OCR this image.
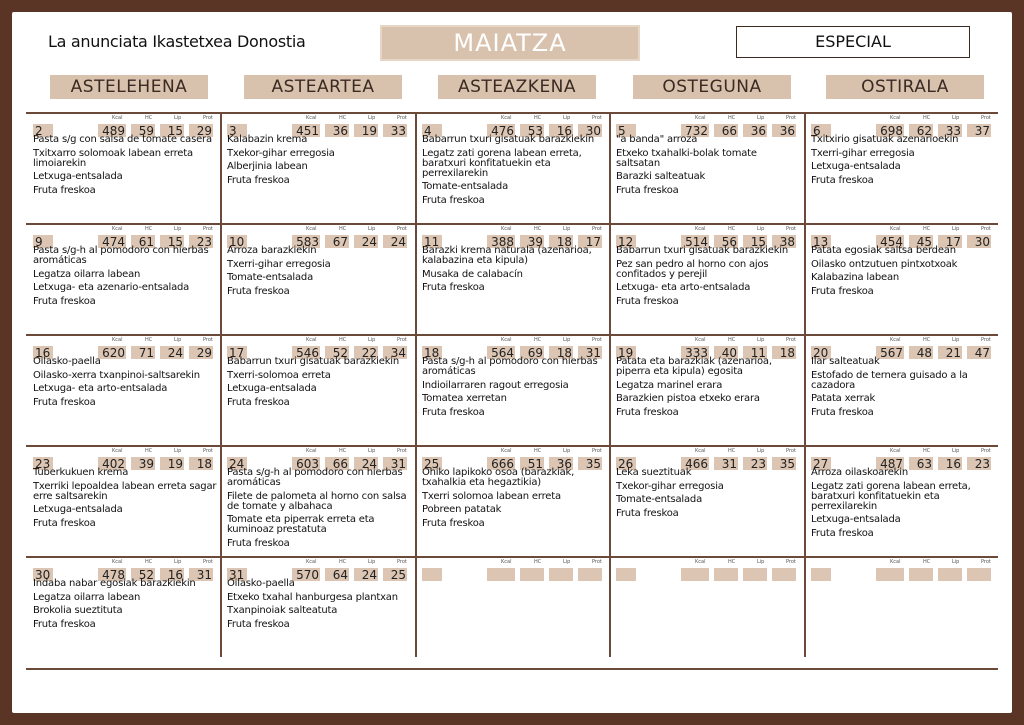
La anunciata Ikastetxea Donostia	MAIATZA	ESPECIAL
ASTELEHENA	ASTEARTEA	ASTEAZKENA	OSTEGUNA	OSTIRALA
Kcal	HC	Lip	Prot
2	489	59	15	29
Pasta s/g con salsa de tomate casera
Txitxarro solomoak labean erreta limoiarekin
Letxuga-entsalada
Fruta freskoa
Kcal	HC	Lip	Prot
3	451	36	19	33
Kalabazin krema
Txekor-gihar erregosia
Alberjinia labean
Fruta freskoa
Kcal	HC	Lip	Prot
4	476	53	16	30
Babarrun txuri gisatuak barazkiekin
Legatz zati gorena labean erreta, baratxuri konfitatuekin eta perrexilarekin
Tomate-entsalada
Fruta freskoa
Kcal	HC	Lip	Prot
5	732	66	36	36
"a banda" arroza
Etxeko txahalki-bolak tomate saltsatan
Barazki salteatuak
Fruta freskoa
Kcal	HC	Lip	Prot
6	698	62	33	37
Txitxirio gisatuak azenarioekin
Txerri-gihar erregosia
Letxuga-entsalada
Fruta freskoa
Kcal	HC	Lip	Prot
9	474	61	15	23
Pasta s/g-h al pomodoro con hierbas aromáticas
Legatza oilarra labean
Letxuga- eta azenario-entsalada
Fruta freskoa
Kcal	HC	Lip	Prot
10	583	67	24	24
Arroza barazkiekin
Txerri-gihar erregosia
Tomate-entsalada
Fruta freskoa
Kcal	HC	Lip	Prot
11	388	39	18	17
Barazki krema naturala (azenarioa, kalabazina eta kipula)
Musaka de calabacín
Fruta freskoa
Kcal	HC	Lip	Prot
12	514	56	15	38
Babarrun txuri gisatuak barazkiekin
Pez san pedro al horno con ajos confitados y perejil
Letxuga- eta arto-entsalada
Fruta freskoa
Kcal	HC	Lip	Prot
13	454	45	17	30
Patata egosiak saltsa berdean
Oilasko ontzutuen pintxotxoak
Kalabazina labean
Fruta freskoa
Kcal	HC	Lip	Prot
16	620	71	24	29
Oilasko-paella
Oilasko-xerra txanpinoi-saltsarekin
Letxuga- eta arto-entsalada
Fruta freskoa
Kcal	HC	Lip	Prot
17	546	52	22	34
Babarrun txuri gisatuak barazkiekin
Txerri-solomoa erreta
Letxuga-entsalada
Fruta freskoa
Kcal	HC	Lip	Prot
18	564	69	18	31
Pasta s/g-h al pomodoro con hierbas aromáticas
Indioilarraren ragout erregosia
Tomatea xerretan
Fruta freskoa
Kcal	HC	Lip	Prot
19	333	40	11	18
Patata eta barazkiak (azenarioa, piperra eta kipula) egosita
Legatza marinel erara
Barazkien pistoa etxeko erara
Fruta freskoa
Kcal	HC	Lip	Prot
20	567	48	21	47
Ilar salteatuak
Estofado de ternera guisado a la cazadora
Patata xerrak
Fruta freskoa
Kcal	HC	Lip	Prot
23	402	39	19	18
Tuberkukuen krema
Txerriki lepoaldea labean erreta sagar erre saltsarekin
Letxuga-entsalada
Fruta freskoa
Kcal	HC	Lip	Prot
24	603	66	24	31
Pasta s/g-h al pomodoro con hierbas aromáticas
Filete de palometa al horno con salsa de tomate y albahaca
Tomate eta piperrak erreta eta kuminoaz prestatuta
Fruta freskoa
Kcal	HC	Lip	Prot
25	666	51	36	35
Ohiko lapikoko osoa (barazkiak, txahalkia eta hegaztikia)
Txerri solomoa labean erreta
Pobreen patatak
Fruta freskoa
Kcal	HC	Lip	Prot
26	466	31	23	35
Leka sueztituak
Txekor-gihar erregosia
Tomate-entsalada
Fruta freskoa
Kcal	HC	Lip	Prot
27	487	63	16	23
Arroza oilaskoarekin
Legatz zati gorena labean erreta, baratxuri konfitatuekin eta perrexilarekin
Letxuga-entsalada
Fruta freskoa
Kcal	HC	Lip	Prot
30	478	52	16	31
Indaba nabar egosiak barazkiekin
Legatza oilarra labean
Brokolia sueztituta
Fruta freskoa
Kcal	HC	Lip	Prot
31	570	64	24	25
Oilasko-paella
Etxeko txahal hanburgesa plantxan
Txanpinoiak salteatuta
Fruta freskoa
Kcal	HC	Lip	Prot	Kcal	HC	Lip	Prot	Kcal	HC	Lip	Prot
